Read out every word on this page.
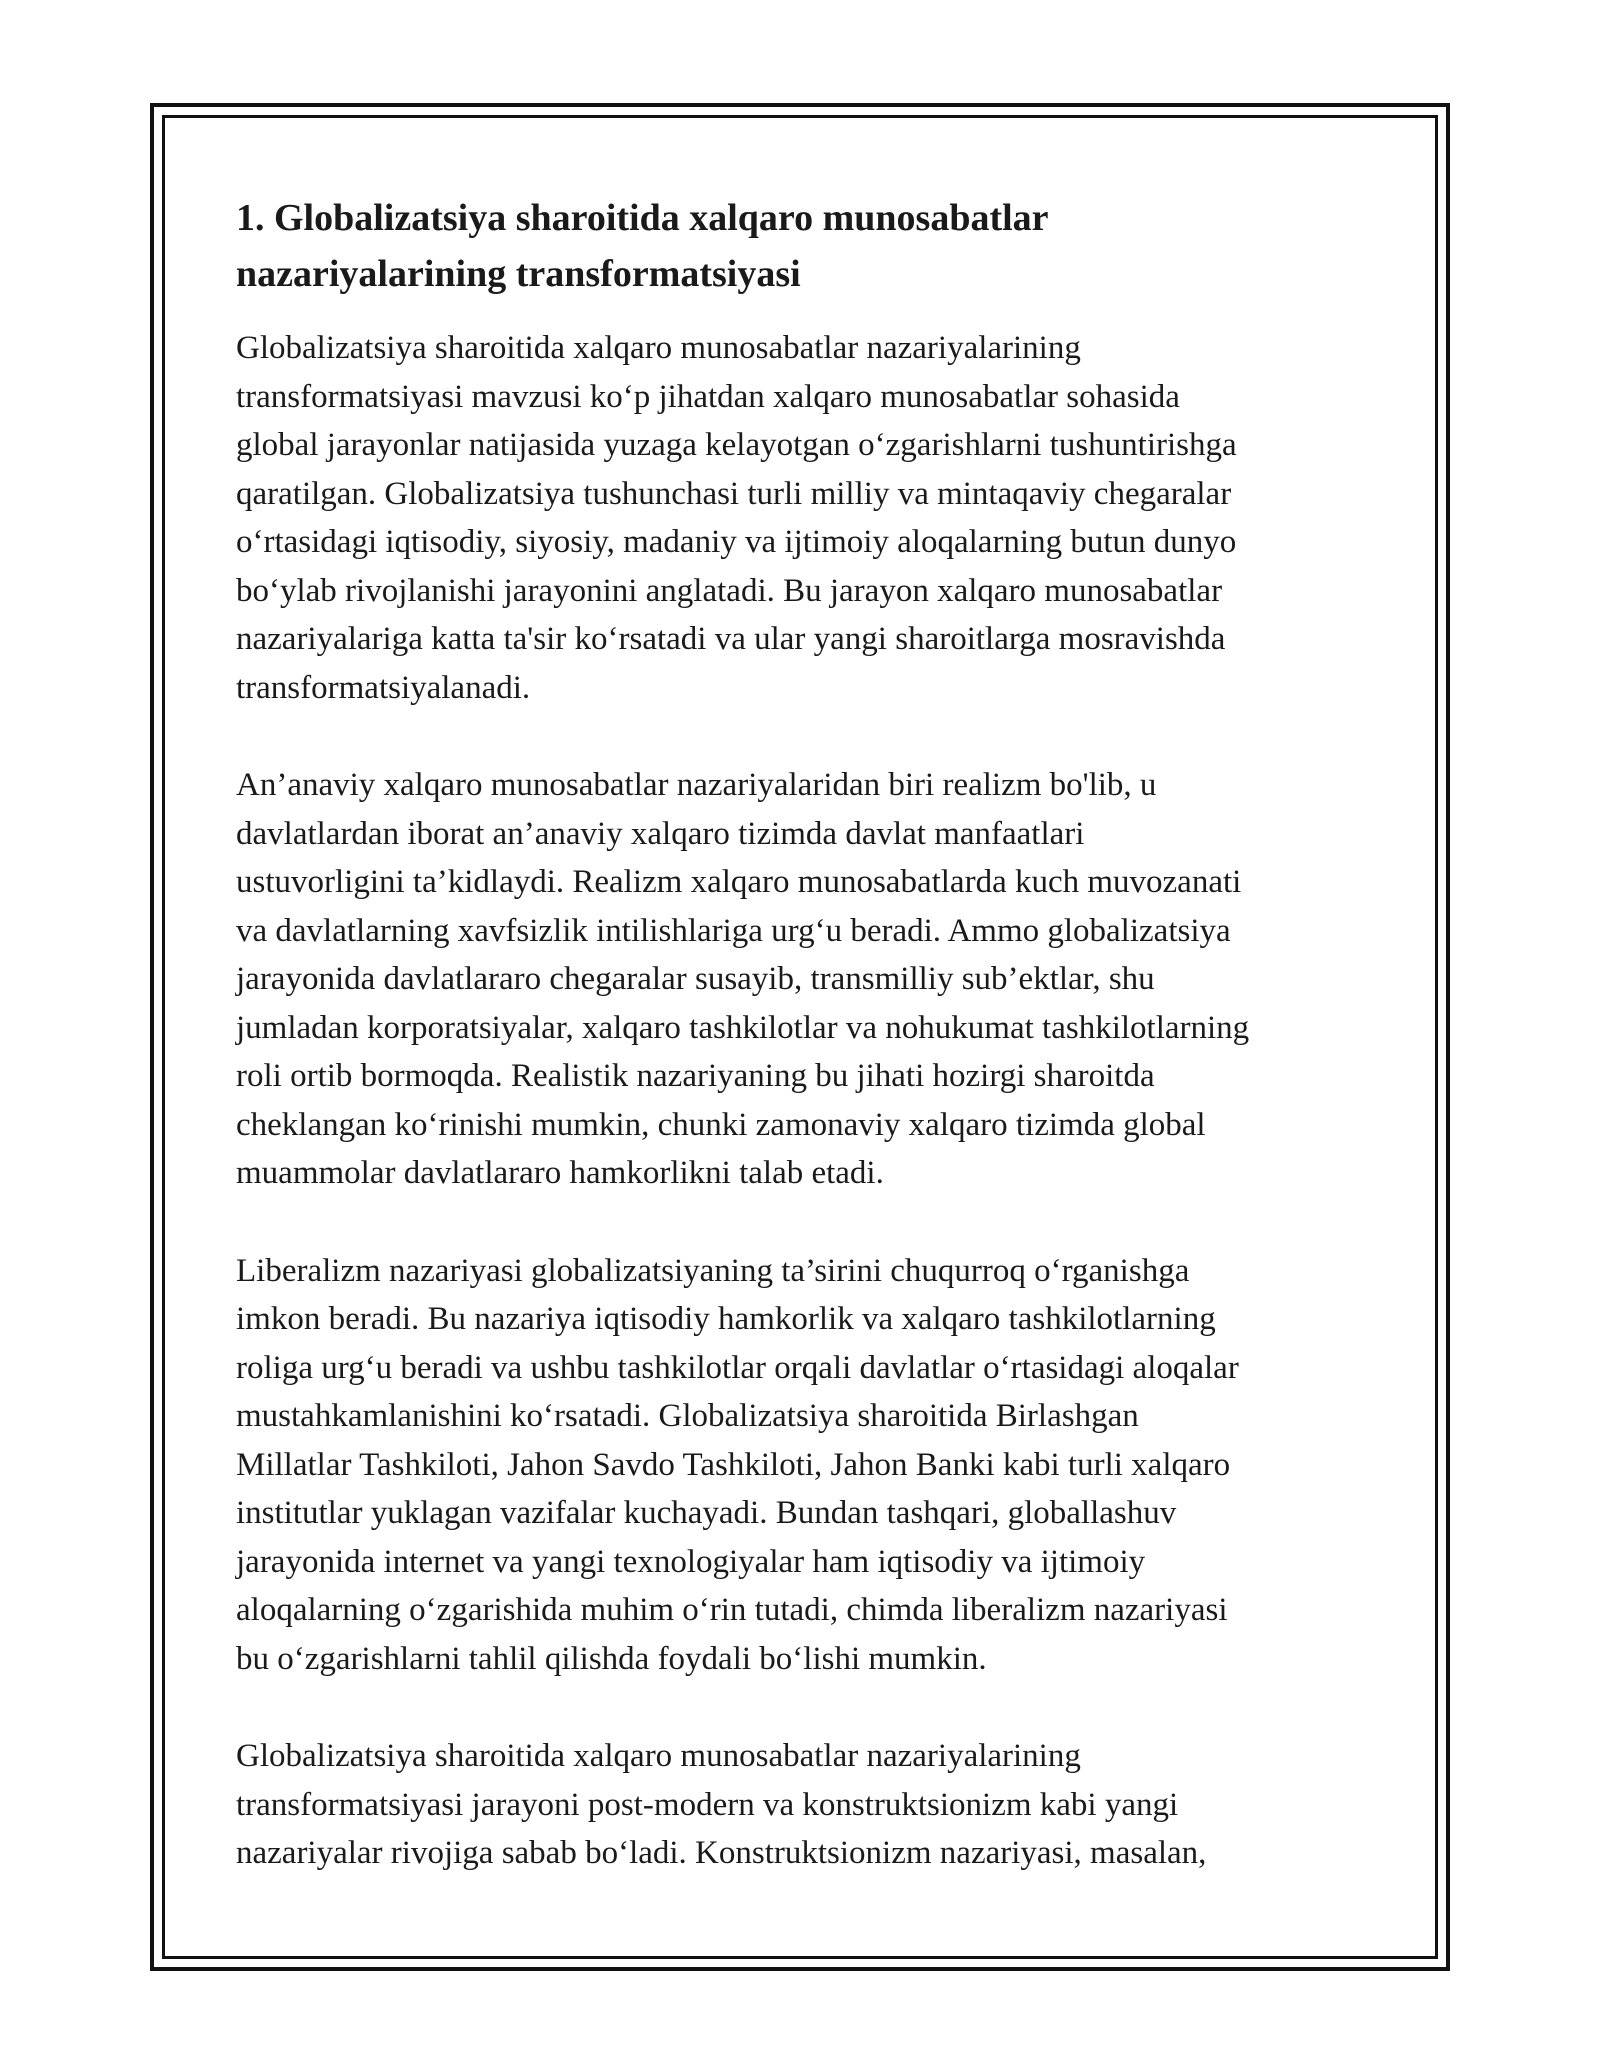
1. Globalizatsiya sharoitida xalqaro munosabatlar
nazariyalarining transformatsiyasi

Globalizatsiya sharoitida xalqaro munosabatlar nazariyalarining
transformatsiyasi mavzusi ko‘p jihatdan xalqaro munosabatlar sohasida
global jarayonlar natijasida yuzaga kelayotgan o‘zgarishlarni tushuntirishga
qaratilgan. Globalizatsiya tushunchasi turli milliy va mintaqaviy chegaralar
o‘rtasidagi iqtisodiy, siyosiy, madaniy va ijtimoiy aloqalarning butun dunyo
bo‘ylab rivojlanishi jarayonini anglatadi. Bu jarayon xalqaro munosabatlar
nazariyalariga katta ta'sir ko‘rsatadi va ular yangi sharoitlarga mosravishda
transformatsiyalanadi.

An’anaviy xalqaro munosabatlar nazariyalaridan biri realizm bo'lib, u
davlatlardan iborat an’anaviy xalqaro tizimda davlat manfaatlari
ustuvorligini ta’kidlaydi. Realizm xalqaro munosabatlarda kuch muvozanati
va davlatlarning xavfsizlik intilishlariga urg‘u beradi. Ammo globalizatsiya
jarayonida davlatlararo chegaralar susayib, transmilliy sub’ektlar, shu
jumladan korporatsiyalar, xalqaro tashkilotlar va nohukumat tashkilotlarning
roli ortib bormoqda. Realistik nazariyaning bu jihati hozirgi sharoitda
cheklangan ko‘rinishi mumkin, chunki zamonaviy xalqaro tizimda global
muammolar davlatlararo hamkorlikni talab etadi.

Liberalizm nazariyasi globalizatsiyaning ta’sirini chuqurroq o‘rganishga
imkon beradi. Bu nazariya iqtisodiy hamkorlik va xalqaro tashkilotlarning
roliga urg‘u beradi va ushbu tashkilotlar orqali davlatlar o‘rtasidagi aloqalar
mustahkamlanishini ko‘rsatadi. Globalizatsiya sharoitida Birlashgan
Millatlar Tashkiloti, Jahon Savdo Tashkiloti, Jahon Banki kabi turli xalqaro
institutlar yuklagan vazifalar kuchayadi. Bundan tashqari, globallashuv
jarayonida internet va yangi texnologiyalar ham iqtisodiy va ijtimoiy
aloqalarning o‘zgarishida muhim o‘rin tutadi, chimda liberalizm nazariyasi
bu o‘zgarishlarni tahlil qilishda foydali bo‘lishi mumkin.

Globalizatsiya sharoitida xalqaro munosabatlar nazariyalarining
transformatsiyasi jarayoni post-modern va konstruktsionizm kabi yangi
nazariyalar rivojiga sabab bo‘ladi. Konstruktsionizm nazariyasi, masalan,
